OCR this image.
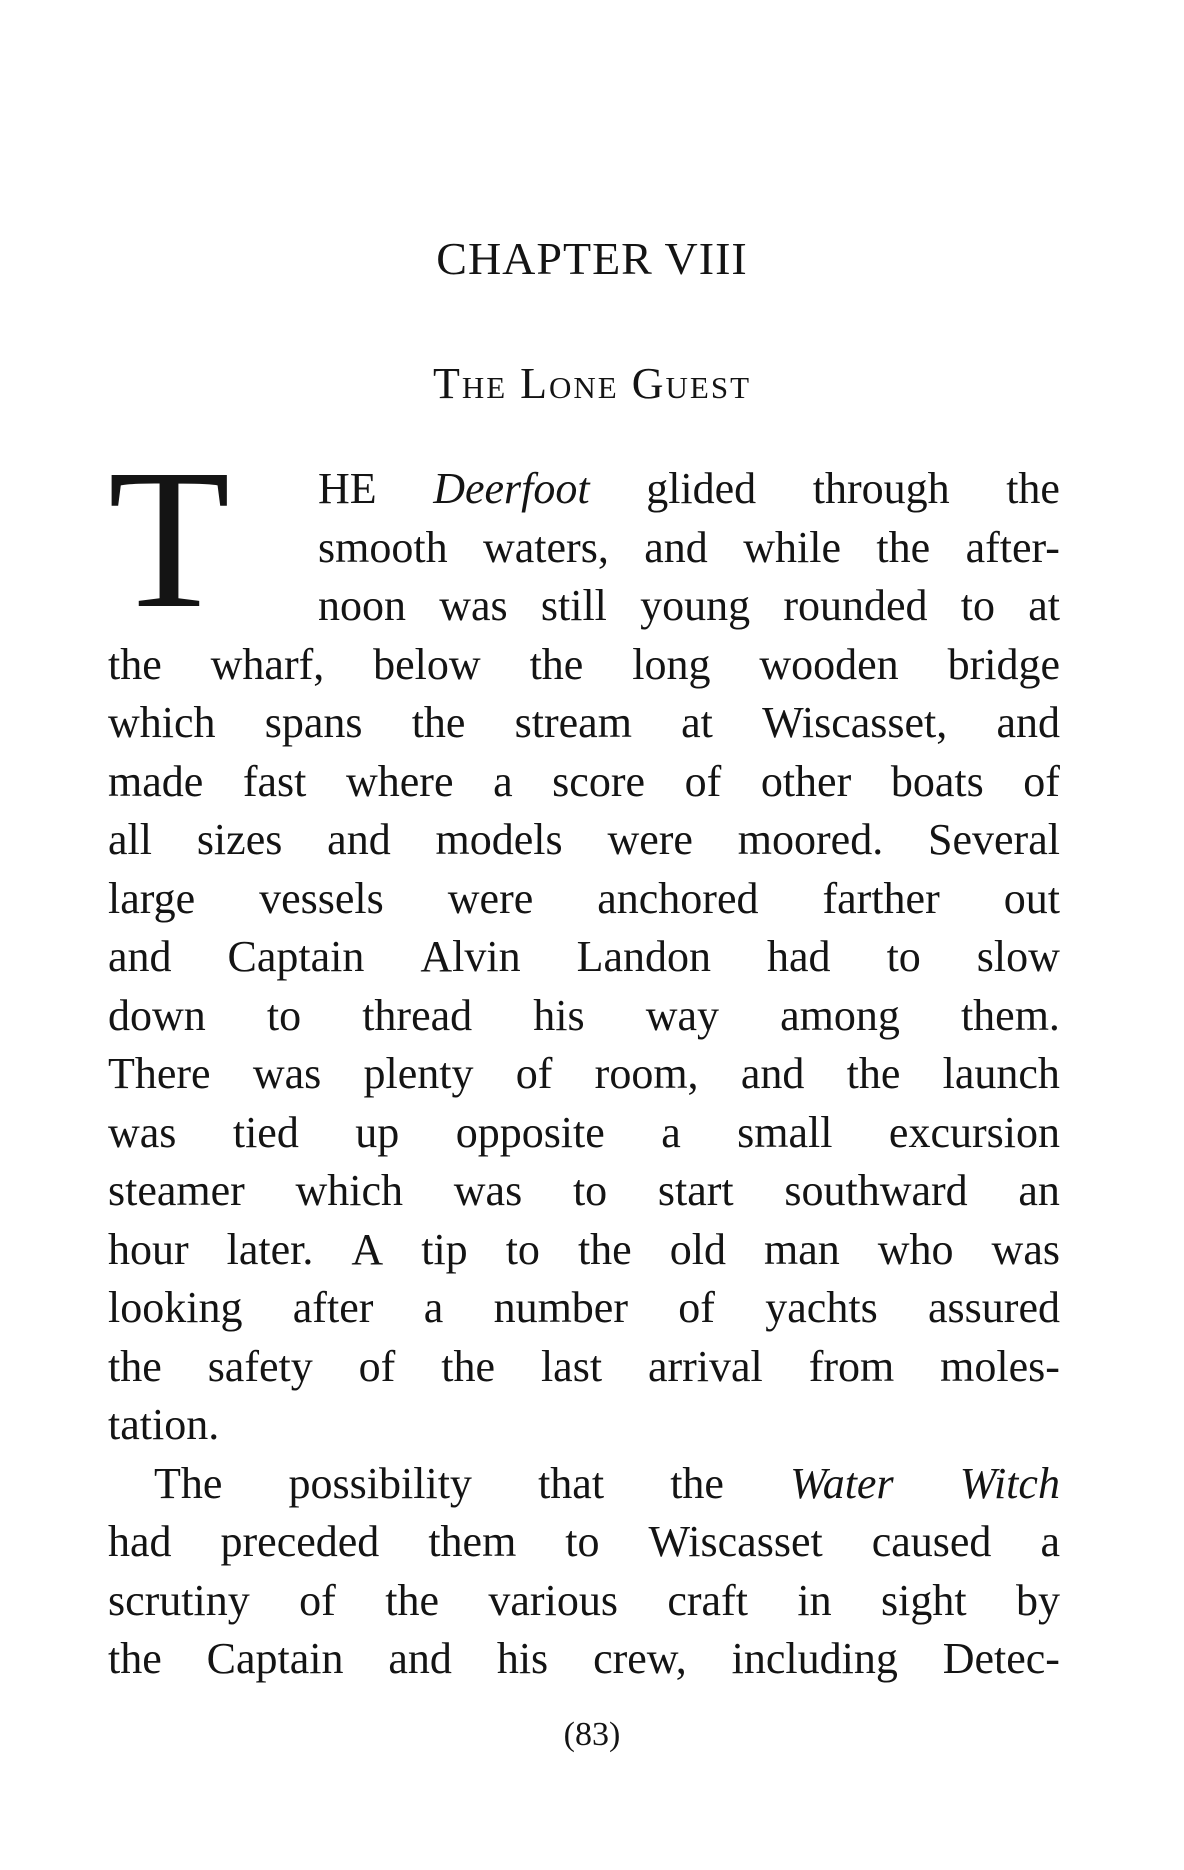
CHAPTER VIII
The Lone Guest
T HE Deerfoot glided through the
smooth waters, and while the after-
noon was still young rounded to at
the wharf, below the long wooden bridge
which spans the stream at Wiscasset, and
made fast where a score of other boats of
all sizes and models were moored. Several
large vessels were anchored farther out
and Captain Alvin Landon had to slow
down to thread his way among them.
There was plenty of room, and the launch
was tied up opposite a small excursion
steamer which was to start southward an
hour later. A tip to the old man who was
looking after a number of yachts assured
the safety of the last arrival from moles-
tation.
The possibility that the Water Witch
had preceded them to Wiscasset caused a
scrutiny of the various craft in sight by
the Captain and his crew, including Detec-
(83)
